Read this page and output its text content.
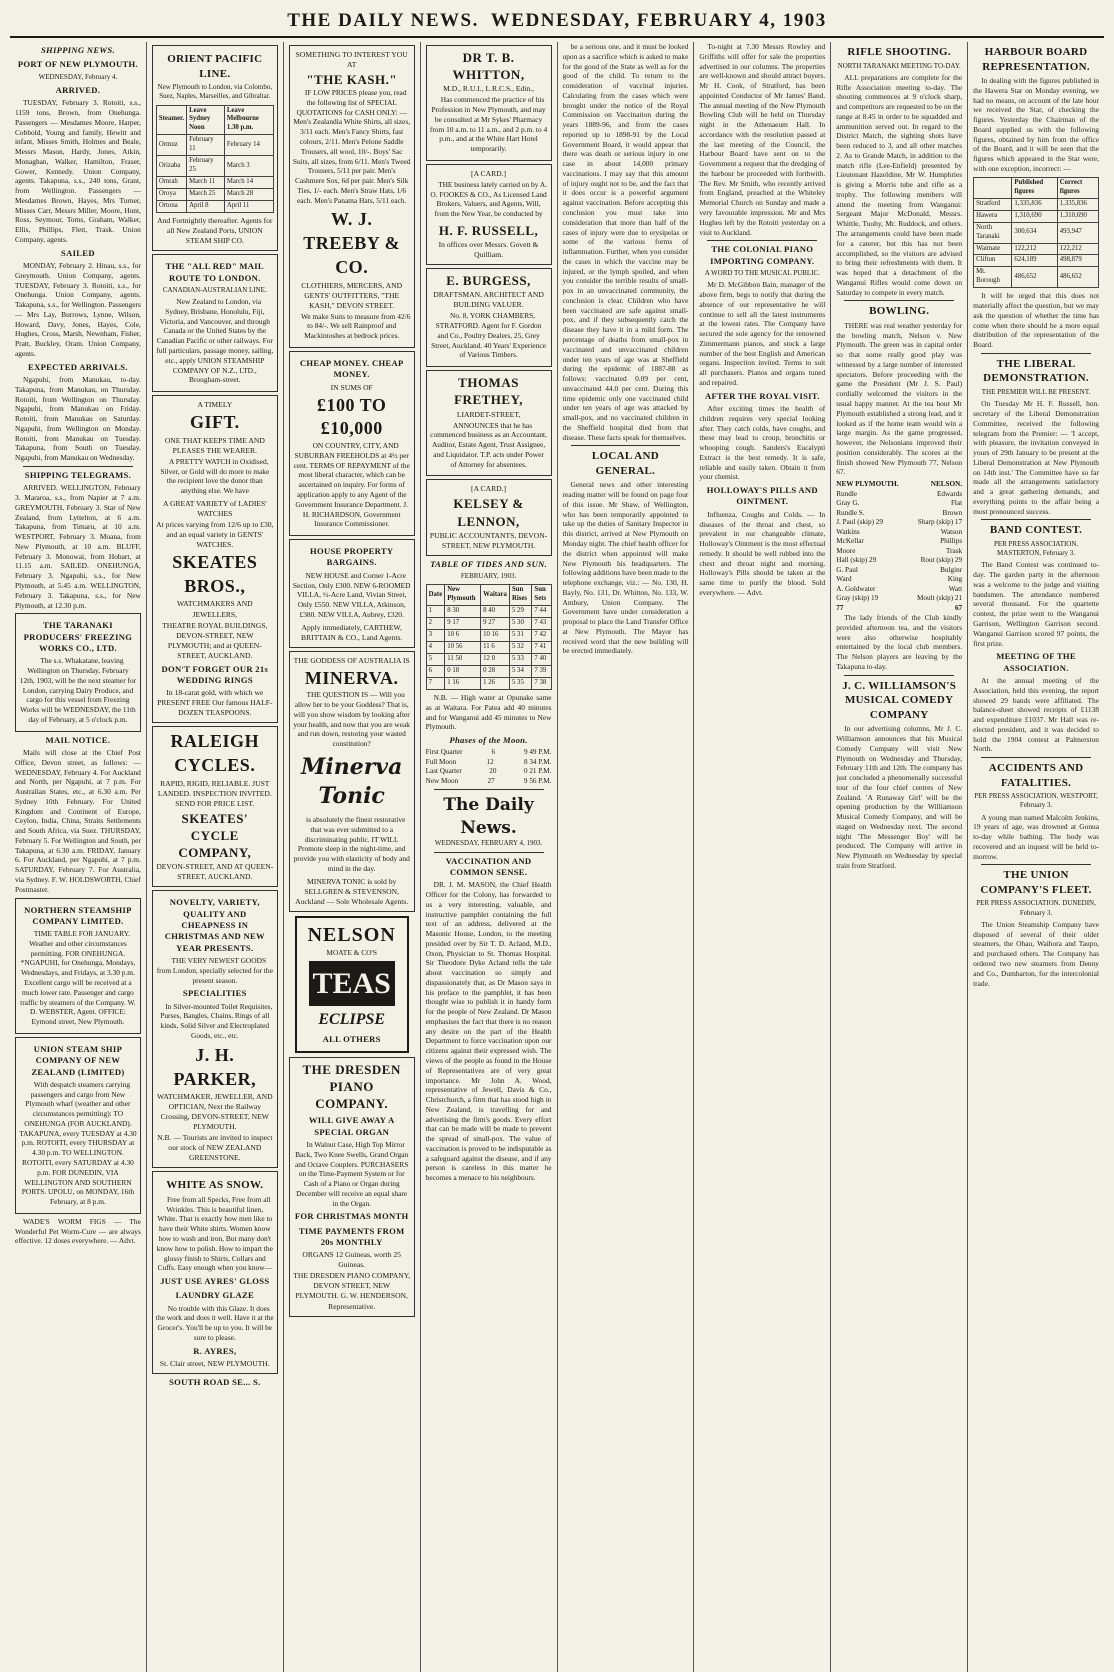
THE DAILY NEWS. WEDNESDAY, FEBRUARY 4, 1903
SHIPPING NEWS.
PORT OF NEW PLYMOUTH.
WEDNESDAY, February 4.
ARRIVED.

TUESDAY, February 3. Rotoiti, s.s., 1159 tons, Brown, from Onehunga. Passengers — Mesdames Moore, Harper, Cobbold, Young and family, Hewitt and infant, Misses Smith, Holmes and Beale, Messrs Mason, Hardy, Jones, Atkin, Monaghan, Walker, Hamilton, Fraser, Gower, Kennedy. Union Company, agents. Takapuna, s.s., 240 tons, Grant, from Wellington. Passengers — Mesdames Brown, Hayes, Mrs Turner, Misses Carr, Messrs Miller, Moore, Hunt, Ross, Seymour, Toms, Graham, Walker, Ellis, Phillips, Flett, Trask. Union Company, agents.

SAILED

MONDAY, February 2. Hinau, s.s., for Greymouth. Union Company, agents. TUESDAY, February 3. Rotoiti, s.s., for Onehunga. Union Company, agents. Takapuna, s.s., for Wellington. Passengers — Mrs Lay, Burrows, Lynne, Wilson, Howard, Davy, Jones, Hayes, Cole, Hughes, Cross, Marsh, Newnham, Fisher, Pratt, Buckley, Oram. Union Company, agents.

EXPECTED ARRIVALS.

Ngapuhi, from Manukau, to-day. Takapuna, from Manukau, on Thursday. Rotoiti, from Wellington on Thursday. Ngapuhi, from Manukau on Friday. Rotoiti, from Manukau on Saturday. Ngapuhi, from Wellington on Monday. Rotoiti, from Manukau on Tuesday. Takapuna, from South on Tuesday. Ngapuhi, from Manukau on Wednesday.

SHIPPING TELEGRAMS.

ARRIVED. WELLINGTON, February 3. Mararoa, s.s., from Napier at 7 a.m. GREYMOUTH, February 3. Star of New Zealand, from Lyttelton, at 6 a.m. Takapuna, from Timaru, at 10 a.m. WESTPORT, February 3. Moana, from New Plymouth, at 10 a.m. BLUFF, February 3. Monowai, from Hobart, at 11.15 a.m. SAILED. ONEHUNGA, February 3. Ngapuhi, s.s., for New Plymouth, at 5.45 a.m. WELLINGTON, February 3. Takapuna, s.s., for New Plymouth, at 12.30 p.m.

THE TARANAKI PRODUCERS' FREEZING WORKS CO., LTD.

The s.s. Whakatane, leaving Wellington on Thursday, February 12th, 1903, will be the next steamer for London, carrying Dairy Produce, and cargo for this vessel from Freezing Works will be WEDNESDAY, the 11th day of February, at 5 o'clock p.m.

MAIL NOTICE.

Mails will close at the Chief Post Office, Devon street, as follows: — WEDNESDAY, February 4. For Auckland and North, per Ngapuhi, at 7 p.m. For Australian States, etc., at 6.30 a.m. Per Sydney 10th February. For United Kingdom and Continent of Europe, Ceylon, India, China, Straits Settlements and South Africa, via Suez. THURSDAY, February 5. For Wellington and South, per Takapuna, at 6.30 a.m. FRIDAY, January 6. For Auckland, per Ngapuhi, at 7 p.m. SATURDAY, February 7. For Australia, via Sydney. F. W. HOLDSWORTH, Chief Postmaster.

NORTHERN STEAMSHIP COMPANY LIMITED.

TIME TABLE FOR JANUARY. Weather and other circumstances permitting. FOR ONEHUNGA. *NGAPUHI, for Onehunga, Mondays, Wednesdays, and Fridays, at 3.30 p.m. Excellent cargo will be received at a much lower rate. Passenger and cargo traffic by steamers of the Company. W. D. WEBSTER, Agent. OFFICE: Eymond street, New Plymouth.

UNION STEAM SHIP COMPANY OF NEW ZEALAND (LIMITED)

With despatch steamers carrying passengers and cargo from New Plymouth wharf (weather and other circumstances permitting): TO ONEHUNGA (FOR AUCKLAND). TAKAPUNA, every TUESDAY at 4.30 p.m. ROTOITI, every THURSDAY at 4.30 p.m. TO WELLINGTON. ROTOITI, every SATURDAY at 4.30 p.m. FOR DUNEDIN, VIA WELLINGTON AND SOUTHERN PORTS. UPOLU, on MONDAY, 16th February, at 8 p.m.

WADE'S WORM FIGS — The Wonderful Pet Worm-Cure — are always effective. 12 doses everywhere. — Advt.

ORIENT PACIFIC LINE.
New Plymouth to London, via Colombo, Suez, Naples, Marseilles, and Gibraltar.
Steamer.	Leave Sydney Noon	Leave Melbourne 1.30 p.m.
Ormuz	February 11	February 14
Orizaba	February 25	March 3
Omrah	March 11	March 14
Oroya	March 25	March 28
Ortona	April 8	April 11
And Fortnightly thereafter. Agents for all New Zealand Ports, UNION STEAM SHIP CO.
THE "ALL RED" MAIL ROUTE TO LONDON.
CANADIAN-AUSTRALIAN LINE.

New Zealand to London, via Sydney, Brisbane, Honolulu, Fiji, Victoria, and Vancouver, and through Canada or the United States by the Canadian Pacific or other railways. For full particulars, passage money, sailing, etc., apply UNION STEAMSHIP COMPANY OF N.Z., LTD., Brougham-street.

A TIMELY
GIFT.
ONE THAT KEEPS TIME AND PLEASES THE WEARER.

A PRETTY WATCH in Oxidised, Silver, or Gold will do more to make the recipient love the donor than anything else. We have

A GREAT VARIETY of LADIES' WATCHES
At prices varying from 12/6 up to £30, and an equal variety in GENTS' WATCHES.
SKEATES BROS.,
WATCHMAKERS AND JEWELLERS,
THEATRE ROYAL BUILDINGS, DEVON-STREET, NEW PLYMOUTH; and at QUEEN-STREET, AUCKLAND.
DON'T FORGET OUR 21s WEDDING RINGS
In 18-carat gold, with which we PRESENT FREE Our famous HALF-DOZEN TEASPOONS.
RALEIGH CYCLES.
RAPID, RIGID, RELIABLE. JUST LANDED. INSPECTION INVITED. SEND FOR PRICE LIST.
SKEATES' CYCLE COMPANY,
DEVON-STREET, AND AT QUEEN-STREET, AUCKLAND.
NOVELTY, VARIETY, QUALITY AND CHEAPNESS IN CHRISTMAS AND NEW YEAR PRESENTS.

THE VERY NEWEST GOODS from London, specially selected for the present season.

SPECIALITIES

In Silver-mounted Toilet Requisites, Purses, Bangles, Chains, Rings of all kinds, Solid Silver and Electroplated Goods, etc., etc.

J. H. PARKER,
WATCHMAKER, JEWELLER, AND OPTICIAN, Next the Railway Crossing, DEVON-STREET, NEW PLYMOUTH.
N.B. — Tourists are invited to inspect our stock of NEW ZEALAND GREENSTONE.
WHITE AS SNOW.

Free from all Specks, Free from all Wrinkles. This is beautiful linen, White. That is exactly how men like to have their White shirts. Women know how to wash and iron, But many don't know how to polish. How to impart the glossy finish to Shirts, Collars and Cuffs. Easy enough when you know—

JUST USE AYRES' GLOSS
LAUNDRY GLAZE

No trouble with this Glaze. It does the work and does it well. Have it at the Grocer's. You'll be up to you. It will be sure to please.

R. AYRES,
St. Clair street, NEW PLYMOUTH.
SOUTH ROAD SE... S.
SOMETHING TO INTEREST YOU AT
"THE KASH."

IF LOW PRICES please you, read the following list of SPECIAL QUOTATIONS for CASH ONLY: — Men's Zealandia White Shirts, all sizes, 3/11 each. Men's Fancy Shirts, fast colours, 2/11. Men's Pelone Saddle Trousers, all wool, 10/-. Boys' Sac Suits, all sizes, from 6/11. Men's Tweed Trousers, 5/11 per pair. Men's Cashmere Sox, 6d per pair. Men's Silk Ties, 1/- each. Men's Straw Hats, 1/6 each. Men's Panama Hats, 5/11 each.

W. J. TREEBY & CO.
CLOTHIERS, MERCERS, AND GENTS' OUTFITTERS, "THE KASH," DEVON STREET.

We make Suits to measure from 42/6 to 84/-. We sell Rainproof and Mackintoshes at bedrock prices.

CHEAP MONEY. CHEAP MONEY.
IN SUMS OF
£100 TO £10,000

ON COUNTRY, CITY, AND SUBURBAN FREEHOLDS at 4½ per cent. TERMS OF REPAYMENT of the most liberal character, which can be ascertained on inquiry. For forms of application apply to any Agent of the Government Insurance Department. J. H. RICHARDSON, Government Insurance Commissioner.

HOUSE PROPERTY BARGAINS.

NEW HOUSE and Corner 1-Acre Section, Only £300. NEW 6-ROOMED VILLA, ½-Acre Land, Vivian Street, Only £550. NEW VILLA, Atkinson, £380. NEW VILLA, Aubrey, £320.

Apply immediately, CARTHEW, BRITTAIN & CO., Land Agents.
THE GODDESS OF AUSTRALIA IS
MINERVA.

THE QUESTION IS — Will you allow her to be your Goddess? That is, will you show wisdom by looking after your health, and now that you are weak and run down, restoring your wasted constitution?

Minerva Tonic

is absolutely the finest restorative that was ever submitted to a discriminating public. IT WILL Promote sleep in the night-time, and provide you with elasticity of body and mind in the day.

MINERVA TONIC is sold by SELLGREN & STEVENSON, Auckland — Sole Wholesale Agents.
NELSON
MOATE & CO'S
TEAS
ECLIPSE
ALL OTHERS
THE DRESDEN PIANO COMPANY.
WILL GIVE AWAY A SPECIAL ORGAN

In Walnut Case, High Top Mirror Back, Two Knee Swells, Grand Organ and Octave Couplers. PURCHASERS on the Time-Payment System or for Cash of a Piano or Organ during December will receive an equal share in the Organ.

FOR CHRISTMAS MONTH
TIME PAYMENTS FROM 20s MONTHLY
ORGANS 12 Guineas, worth 25 Guineas.
THE DRESDEN PIANO COMPANY, DEVON STREET, NEW PLYMOUTH. G. W. HENDERSON, Representative.
DR T. B. WHITTON,
M.D., R.U.I., L.R.C.S., Edin.,

Has commenced the practice of his Profession in New Plymouth, and may be consulted at Mr Sykes' Pharmacy from 10 a.m. to 11 a.m., and 2 p.m. to 4 p.m., and at the White Hart Hotel temporarily.

[A CARD.]

THE business lately carried on by A. O. FOOKES & CO., As Licensed Land Brokers, Valuers, and Agents, Will, from the New Year, be conducted by

H. F. RUSSELL,
In offices over Messrs. Govett & Quilliam.
E. BURGESS,
DRAFTSMAN, ARCHITECT AND BUILDING VALUER.

No. 8, YORK CHAMBERS, STRATFORD. Agent for F. Gordon and Co., Poultry Dealers, 25, Grey Street, Auckland. 40 Years' Experience of Various Timbers.

THOMAS FRETHEY,
LIARDET-STREET,

ANNOUNCES that he has commenced business as an Accountant, Auditor, Estate Agent, Trust Assignee, and Liquidator. T.P. acts under Power of Attorney for absentees.

[A CARD.]
KELSEY & LENNON,
PUBLIC ACCOUNTANTS, DEVON-STREET, NEW PLYMOUTH.
TABLE OF TIDES AND SUN.
FEBRUARY, 1903.
Date	New Plymouth	Waitara	Sun Rises	Sun Sets
1	8 30	8 40	5 29	7 44
2	9 17	9 27	5 30	7 43
3	10 6	10 16	5 31	7 42
4	10 56	11 6	5 32	7 41
5	11 50	12 0	5 33	7 40
6	0 18	0 28	5 34	7 39
7	1 16	1 26	5 35	7 38

N.B. — High water at Opunake same as at Waitara. For Patea add 40 minutes and for Wanganui add 45 minutes to New Plymouth.

Phases of the Moon.
First Quarter	6	9 49 P.M.
Full Moon	12	8 34 P.M.
Last Quarter	20	0 21 P.M.
New Moon	27	9 56 P.M.
The Daily News.
WEDNESDAY, FEBRUARY 4, 1903.
VACCINATION AND COMMON SENSE.

DR. J. M. MASON, the Chief Health Officer for the Colony, has forwarded to us a very interesting, valuable, and instructive pamphlet containing the full text of an address, delivered at the Masonic House, London, to the meeting presided over by Sir T. D. Acland, M.D., Oxon, Physician to St. Thomas Hospital. Sir Theodore Dyke Acland tells the tale about vaccination so simply and dispassionately that, as Dr Mason says in his preface to the pamphlet, it has been thought wise to publish it in handy form for the people of New Zealand. Dr Mason emphasises the fact that there is no reason any desire on the part of the Health Department to force vaccination upon our citizens against their expressed wish. The views of the people as found in the House of Representatives are of very great importance. Mr John A. Wood, representative of Jewell, Davis & Co., Christchurch, a firm that has stood high in New Zealand, is travelling for and advertising the firm's goods. Every effort that can be made will be made to prevent the spread of small-pox. The value of vaccination is proved to be indisputable as a safeguard against the disease, and if any person is careless in this matter he becomes a menace to his neighbours.

be a serious one, and it must be looked upon as a sacrifice which is asked to make for the good of the State as well as for the good of the child. To return to the consideration of vaccinal injuries. Calculating from the cases which were brought under the notice of the Royal Commission on Vaccination during the years 1889-96, and from the cases reported up to 1898-91 by the Local Government Board, it would appear that there was death or serious injury in one case in about 14,000 primary vaccinations. I may say that this amount of injury ought not to be, and the fact that it does occur is a powerful argument against vaccination. Before accepting this conclusion you must take into consideration that more than half of the cases of injury were due to erysipelas or some of the various forms of inflammation. Further, when you consider the cases in which the vaccine may be injured, or the lymph spoiled, and when you consider the terrible results of small-pox in an unvaccinated community, the conclusion is clear. Children who have been vaccinated are safe against small-pox, and if they subsequently catch the disease they have it in a mild form. The percentage of deaths from small-pox in vaccinated and unvaccinated children under ten years of age was at Sheffield during the epidemic of 1887-88 as follows: vaccinated 0.09 per cent, unvaccinated 44.0 per cent. During this time epidemic only one vaccinated child under ten years of age was attacked by small-pox, and no vaccinated children in the Sheffield hospital died from that disease. These facts speak for themselves.

LOCAL AND GENERAL.

General news and other interesting reading matter will be found on page four of this issue. Mr Shaw, of Wellington, who has been temporarily appointed to take up the duties of Sanitary Inspector in this district, arrived at New Plymouth on Monday night. The chief health officer for the district when appointed will make New Plymouth his headquarters. The following additions have been made to the telephone exchange, viz.: — No. 130, H. Bayly, No. 131, Dr. Whitton, No. 133, W. Ambury, Union Company. The Government have under consideration a proposal to place the Land Transfer Office at New Plymouth. The Mayor has received word that the new building will be erected immediately.

To-night at 7.30 Messrs Rowley and Griffiths will offer for sale the properties advertised in our columns. The properties are well-known and should attract buyers. Mr H. Cook, of Stratford, has been appointed Conductor of Mr James' Band. The annual meeting of the New Plymouth Bowling Club will be held on Thursday night in the Athenaeum Hall. In accordance with the resolution passed at the last meeting of the Council, the Harbour Board have sent on to the Government a request that the dredging of the harbour be proceeded with forthwith. The Rev. Mr Smith, who recently arrived from England, preached at the Whiteley Memorial Church on Sunday and made a very favourable impression. Mr and Mrs Hughes left by the Rotoiti yesterday on a visit to Auckland.

THE COLONIAL PIANO IMPORTING COMPANY.
A WORD TO THE MUSICAL PUBLIC.

Mr D. McGibbon Bain, manager of the above firm, begs to notify that during the absence of our representative he will continue to sell all the latest instruments at the lowest rates. The Company have secured the sole agency for the renowned Zimmermann pianos, and stock a large number of the best English and American organs. Inspection invited. Terms to suit all purchasers. Pianos and organs tuned and repaired.

AFTER THE ROYAL VISIT.

After exciting times the health of children requires very special looking after. They catch colds, have coughs, and these may lead to croup, bronchitis or whooping cough. Sanders's Eucalypti Extract is the best remedy. It is safe, reliable and easily taken. Obtain it from your chemist.

HOLLOWAY'S PILLS AND OINTMENT.

Influenza, Coughs and Colds. — In diseases of the throat and chest, so prevalent in our changeable climate, Holloway's Ointment is the most effectual remedy. It should be well rubbed into the chest and throat night and morning. Holloway's Pills should be taken at the same time to purify the blood. Sold everywhere. — Advt.

RIFLE SHOOTING.
NORTH TARANAKI MEETING TO-DAY.

ALL preparations are complete for the Rifle Association meeting to-day. The shooting commences at 9 o'clock sharp, and competitors are requested to be on the range at 8.45 in order to be squadded and ammunition served out. In regard to the District Match, the sighting shots have been reduced to 3, and all other matches 2. As to Grande Match, in addition to the match rifle (Lee-Enfield) presented by Lieutenant Hazeldine, Mr W. Humphries is giving a Morris tube and rifle as a trophy. The following members will attend the meeting from Wanganui: Sergeant Major McDonald, Messrs. Whittle, Tuohy, Mr. Ruddock, and others. The arrangements could have been made for a caterer, but this has not been accomplished, so the visitors are advised to bring their refreshments with them. It was hoped that a detachment of the Wanganui Rifles would come down on Saturday to compete in every match.

BOWLING.

THERE was real weather yesterday for the bowling match, Nelson v. New Plymouth. The green was in capital order so that some really good play was witnessed by a large number of interested spectators. Before proceeding with the game the President (Mr J. S. Paul) cordially welcomed the visitors in the usual happy manner. At the tea hour Mr Plymouth established a strong lead, and it looked as if the home team would win a large margin. As the game progressed, however, the Nelsonians improved their position considerably. The scores at the finish showed New Plymouth 77, Nelson 67.

NEW PLYMOUTH.	NELSON.
Rundle	Edwards
Gray G.	Flat
Rundle S.	Brown
J. Paul (skip) 29	Sharp (skip) 17
Watkins	Watson
McKellar	Phillips
Moore	Trask
Hall (skip) 29	Rout (skip) 29
G. Paul	Bulginr
Ward	King
A. Goldwater	Watt
Gray (skip) 19	Moult (skip) 21
77	67

The lady friends of the Club kindly provided afternoon tea, and the visitors were also otherwise hospitably entertained by the local club members. The Nelson players are leaving by the Takapuna to-day.

J. C. WILLIAMSON'S MUSICAL COMEDY COMPANY

In our advertising columns, Mr J. C. Williamson announces that his Musical Comedy Company will visit New Plymouth on Wednesday and Thursday, February 11th and 12th. The company has just concluded a phenomenally successful tour of the four chief centres of New Zealand. 'A Runaway Girl' will be the opening production by the Williamson Musical Comedy Company, and will be staged on Wednesday next. The second night 'The Messenger Boy' will be produced. The Company will arrive in New Plymouth on Wednesday by special train from Stratford.

HARBOUR BOARD REPRESENTATION.

In dealing with the figures published in the Hawera Star on Monday evening, we had no means, on account of the late hour we received the Star, of checking the figures. Yesterday the Chairman of the Board supplied us with the following figures, obtained by him from the office of the Board, and it will be seen that the figures which appeared in the Star were, with one exception, incorrect: —

	Published figures	Correct figures
Stratford	1,335,836	1,335,836
Hawera	1,310,690	1,310,690
North Taranaki	300,634	493,947
Waimate	122,212	122,212
Clifton	624,189	498,879
Mt. Borough	486,652	486,652

It will be urged that this does not materially affect the question, but we may ask the question of whether the time has come when there should be a more equal distribution of the representation of the Board.

THE LIBERAL DEMONSTRATION.
THE PREMIER WILL BE PRESENT.

On Tuesday Mr H. F. Russell, hon. secretary of the Liberal Demonstration Committee, received the following telegram from the Premier: — 'I accept, with pleasure, the invitation conveyed in yours of 29th January to be present at the Liberal Demonstration at New Plymouth on 14th inst.' The Committee have so far made all the arrangements satisfactory and a great gathering demands, and everything points to the affair being a most pronounced success.

BAND CONTEST.
PER PRESS ASSOCIATION. MASTERTON, February 3.

The Band Contest was continued to-day. The garden party in the afternoon was a welcome to the judge and visiting bandsmen. The attendance numbered several thousand. For the quartette contest, the prize went to the Wanganui Garrison, Wellington Garrison second. Wanganui Garrison scored 97 points, the first prize.

MEETING OF THE ASSOCIATION.

At the annual meeting of the Association, held this evening, the report showed 29 bands were affiliated. The balance-sheet showed receipts of £1138 and expenditure £1037. Mr Hall was re-elected president, and it was decided to hold the 1904 contest at Palmerston North.

ACCIDENTS AND FATALITIES.
PER PRESS ASSOCIATION. WESTPORT, February 3.

A young man named Malcolm Jenkins, 19 years of age, was drowned at Gonua to-day while bathing. The body was recovered and an inquest will be held to-morrow.

THE UNION COMPANY'S FLEET.
PER PRESS ASSOCIATION. DUNEDIN, February 3.

The Union Steamship Company have disposed of several of their older steamers, the Ohau, Waihora and Taupo, and purchased others. The Company has ordered two new steamers from Denny and Co., Dumbarton, for the intercolonial trade.
